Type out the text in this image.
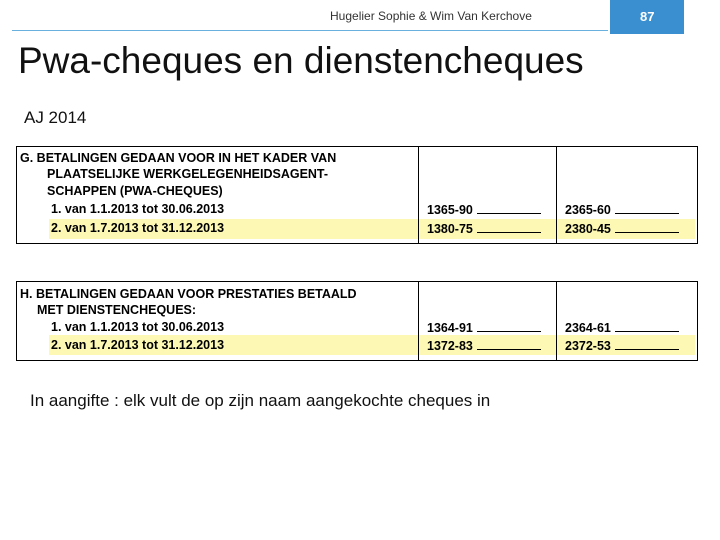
Hugelier Sophie & Wim Van Kerchove	87
Pwa-cheques en dienstencheques
AJ 2014
G. BETALINGEN GEDAAN VOOR IN HET KADER VAN
PLAATSELIJKE WERKGELEGENHEIDSAGENT-
SCHAPPEN (PWA-CHEQUES)
1. van 1.1.2013 tot 30.06.2013
2. van 1.7.2013 tot 31.12.2013
1365-90
1380-75
2365-60
2380-45
H. BETALINGEN GEDAAN VOOR PRESTATIES BETAALD
MET DIENSTENCHEQUES:
1. van 1.1.2013 tot 30.06.2013
2. van 1.7.2013 tot 31.12.2013
1364-91
1372-83
2364-61
2372-53
In aangifte : elk vult de op zijn naam aangekochte cheques in
